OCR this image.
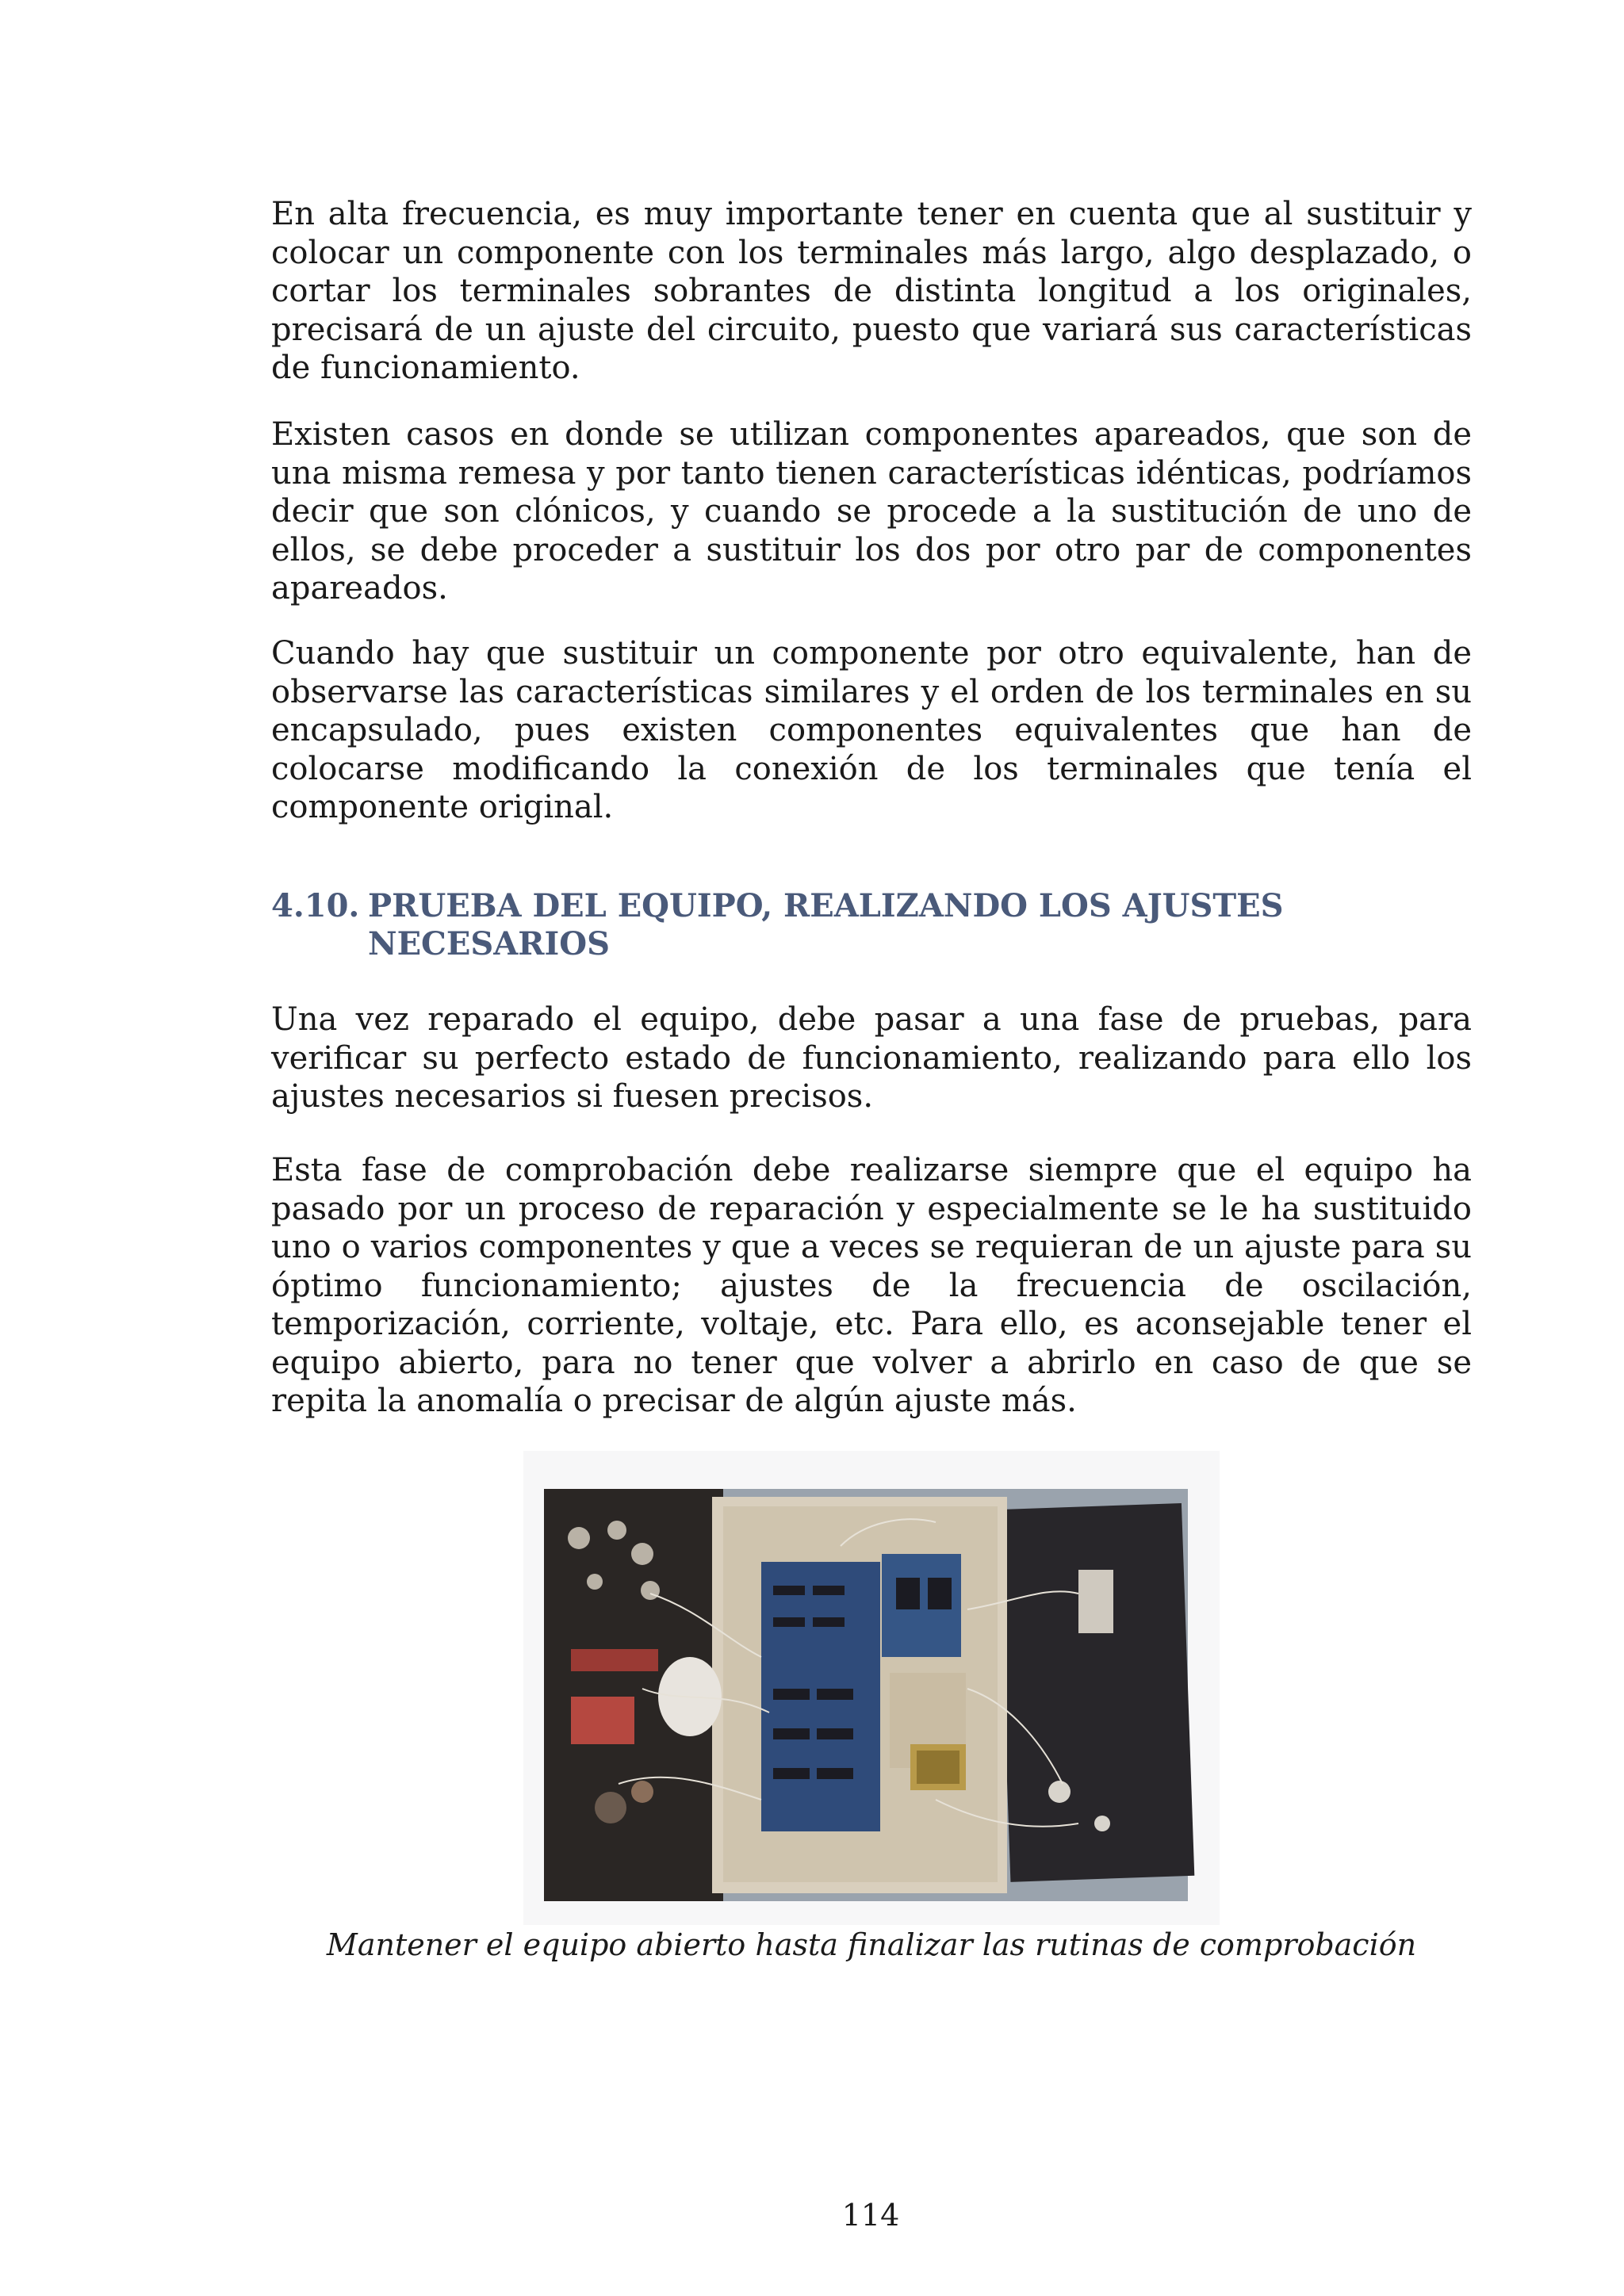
En alta frecuencia, es muy importante tener en cuenta que al sustituir y colocar un componente con los terminales más largo, algo desplazado, o cortar los terminales sobrantes de distinta longitud a los originales, precisará de un ajuste del circuito, puesto que variará sus características de funcionamiento.

Existen casos en donde se utilizan componentes apareados, que son de una misma remesa y por tanto tienen características idénticas, podríamos decir que son clónicos, y cuando se procede a la sustitución de uno de ellos, se debe proceder a sustituir los dos por otro par de componentes apareados.

Cuando hay que sustituir un componente por otro equivalente, han de observarse las características similares y el orden de los terminales en su encapsulado, pues existen componentes equivalentes que han de colocarse modificando la conexión de los terminales que tenía el componente original.

4.10. PRUEBA DEL EQUIPO, REALIZANDO LOS AJUSTES
NECESARIOS

Una vez reparado el equipo, debe pasar a una fase de pruebas, para verificar su perfecto estado de funcionamiento, realizando para ello los ajustes necesarios si fuesen precisos.

Esta fase de comprobación debe realizarse siempre que el equipo ha pasado por un proceso de reparación y especialmente se le ha sustituido uno o varios componentes y que a veces se requieran de un ajuste para su óptimo funcionamiento; ajustes de la frecuencia de oscilación, temporización, corriente, voltaje, etc. Para ello, es aconsejable tener el equipo abierto, para no tener que volver a abrirlo en caso de que se repita la anomalía o precisar de algún ajuste más.

Mantener el equipo abierto hasta finalizar las rutinas de comprobación
114
